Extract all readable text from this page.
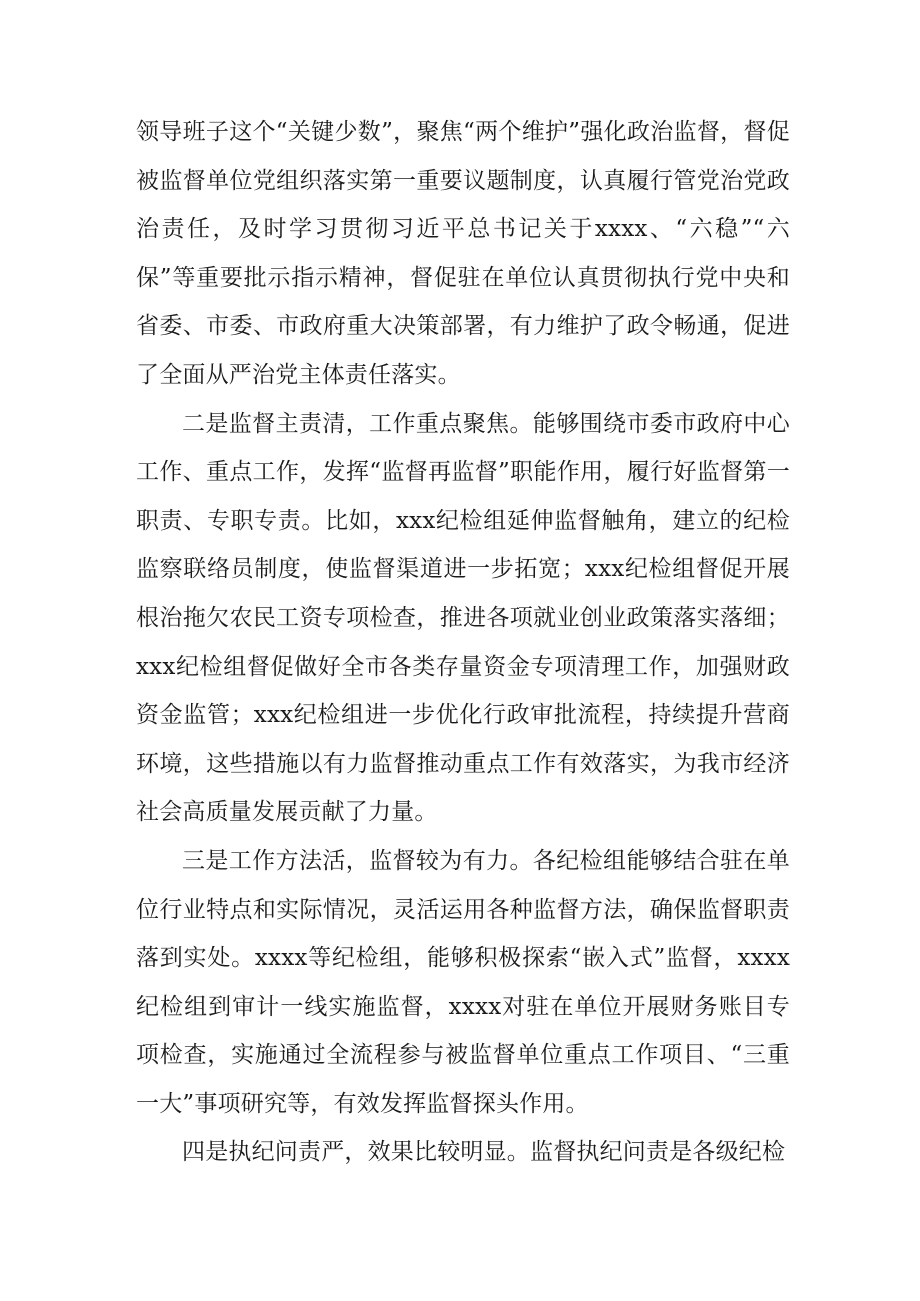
领导班子这个“关键少数”，聚焦“两个维护”强化政治监督，督促被监督单位党组织落实第一重要议题制度，认真履行管党治党政治责任，及时学习贯彻习近平总书记关于xxxx、“六稳”“六保”等重要批示指示精神，督促驻在单位认真贯彻执行党中央和省委、市委、市政府重大决策部署，有力维护了政令畅通，促进了全面从严治党主体责任落实。

二是监督主责清，工作重点聚焦。能够围绕市委市政府中心工作、重点工作，发挥“监督再监督”职能作用，履行好监督第一职责、专职专责。比如，xxx纪检组延伸监督触角，建立的纪检监察联络员制度，使监督渠道进一步拓宽；xxx纪检组督促开展根治拖欠农民工资专项检查，推进各项就业创业政策落实落细；xxx纪检组督促做好全市各类存量资金专项清理工作，加强财政资金监管；xxx纪检组进一步优化行政审批流程，持续提升营商环境，这些措施以有力监督推动重点工作有效落实，为我市经济社会高质量发展贡献了力量。

三是工作方法活，监督较为有力。各纪检组能够结合驻在单位行业特点和实际情况，灵活运用各种监督方法，确保监督职责落到实处。xxxx等纪检组，能够积极探索“嵌入式”监督，xxxx纪检组到审计一线实施监督，xxxx对驻在单位开展财务账目专项检查，实施通过全流程参与被监督单位重点工作项目、“三重一大”事项研究等，有效发挥监督探头作用。

四是执纪问责严，效果比较明显。监督执纪问责是各级纪检
